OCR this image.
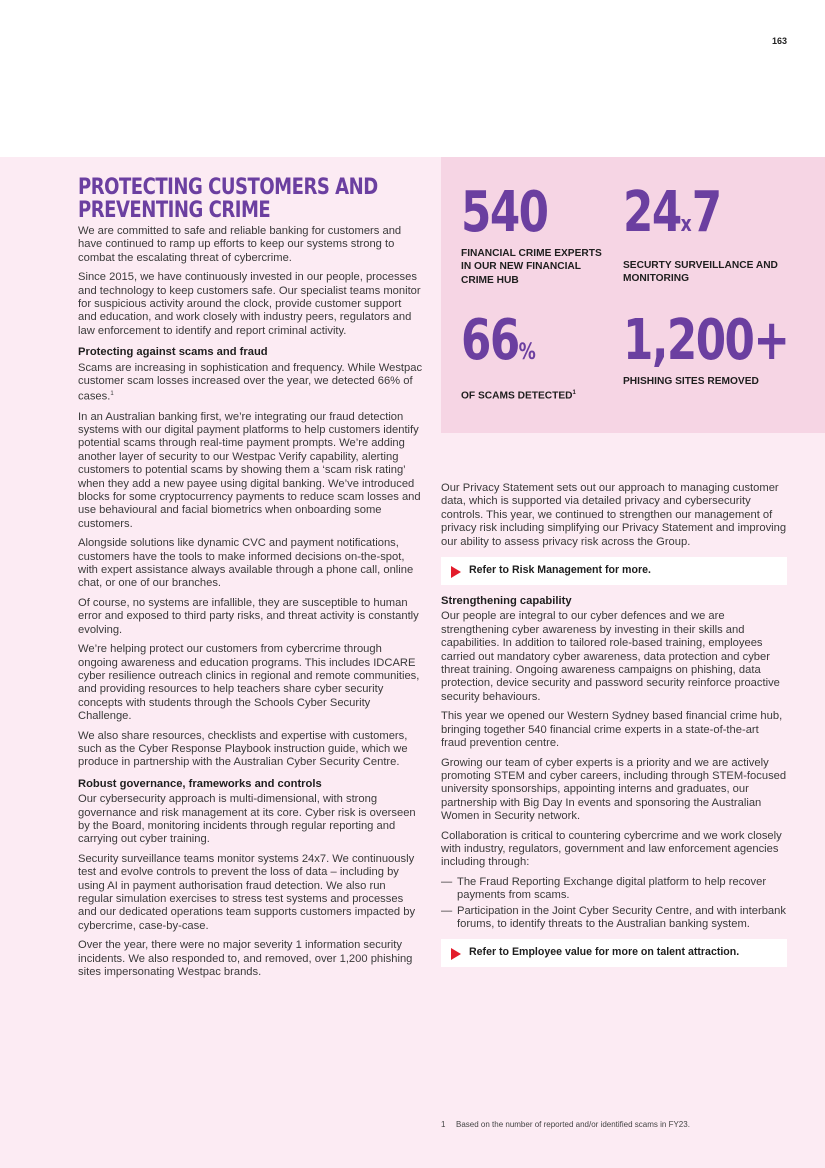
163
540
FINANCIAL CRIME EXPERTS IN OUR NEW FINANCIAL CRIME HUB
24x7
SECURTY SURVEILLANCE AND MONITORING
66%
OF SCAMS DETECTED$^1$
1,200+
PHISHING SITES REMOVED
PROTECTING CUSTOMERS AND PREVENTING CRIME

We are committed to safe and reliable banking for customers and have continued to ramp up efforts to keep our systems strong to combat the escalating threat of cybercrime.

Since 2015, we have continuously invested in our people, processes and technology to keep customers safe. Our specialist teams monitor for suspicious activity around the clock, provide customer support and education, and work closely with industry peers, regulators and law enforcement to identify and report criminal activity.

Protecting against scams and fraud

Scams are increasing in sophistication and frequency. While Westpac customer scam losses increased over the year, we detected 66% of cases.$^1$

In an Australian banking first, we’re integrating our fraud detection systems with our digital payment platforms to help customers identify potential scams through real-time payment prompts. We’re adding another layer of security to our Westpac Verify capability, alerting customers to potential scams by showing them a ‘scam risk rating’ when they add a new payee using digital banking. We’ve introduced blocks for some cryptocurrency payments to reduce scam losses and use behavioural and facial biometrics when onboarding some customers.

Alongside solutions like dynamic CVC and payment notifications, customers have the tools to make informed decisions on-the-spot, with expert assistance always available through a phone call, online chat, or one of our branches.

Of course, no systems are infallible, they are susceptible to human error and exposed to third party risks, and threat activity is constantly evolving.

We’re helping protect our customers from cybercrime through ongoing awareness and education programs. This includes IDCARE cyber resilience outreach clinics in regional and remote communities, and providing resources to help teachers share cyber security concepts with students through the Schools Cyber Security Challenge.

We also share resources, checklists and expertise with customers, such as the Cyber Response Playbook instruction guide, which we produce in partnership with the Australian Cyber Security Centre.

Robust governance, frameworks and controls

Our cybersecurity approach is multi-dimensional, with strong governance and risk management at its core. Cyber risk is overseen by the Board, monitoring incidents through regular reporting and carrying out cyber training.

Security surveillance teams monitor systems 24x7. We continuously test and evolve controls to prevent the loss of data – including by using AI in payment authorisation fraud detection. We also run regular simulation exercises to stress test systems and processes and our dedicated operations team supports customers impacted by cybercrime, case-by-case.

Over the year, there were no major severity 1 information security incidents. We also responded to, and removed, over 1,200 phishing sites impersonating Westpac brands.

Our Privacy Statement sets out our approach to managing customer data, which is supported via detailed privacy and cybersecurity controls. This year, we continued to strengthen our management of privacy risk including simplifying our Privacy Statement and improving our ability to assess privacy risk across the Group.

Refer to Risk Management for more.
Strengthening capability

Our people are integral to our cyber defences and we are strengthening cyber awareness by investing in their skills and capabilities. In addition to tailored role-based training, employees carried out mandatory cyber awareness, data protection and cyber threat training. Ongoing awareness campaigns on phishing, data protection, device security and password security reinforce proactive security behaviours.

This year we opened our Western Sydney based financial crime hub, bringing together 540 financial crime experts in a state-of-the-art fraud prevention centre.

Growing our team of cyber experts is a priority and we are actively promoting STEM and cyber careers, including through STEM-focused university sponsorships, appointing interns and graduates, our partnership with Big Day In events and sponsoring the Australian Women in Security network.

Collaboration is critical to countering cybercrime and we work closely with industry, regulators, government and law enforcement agencies including through:

— The Fraud Reporting Exchange digital platform to help recover payments from scams.
— Participation in the Joint Cyber Security Centre, and with interbank forums, to identify threats to the Australian banking system.
Refer to Employee value for more on talent attraction.
1 Based on the number of reported and/or identified scams in FY23.
